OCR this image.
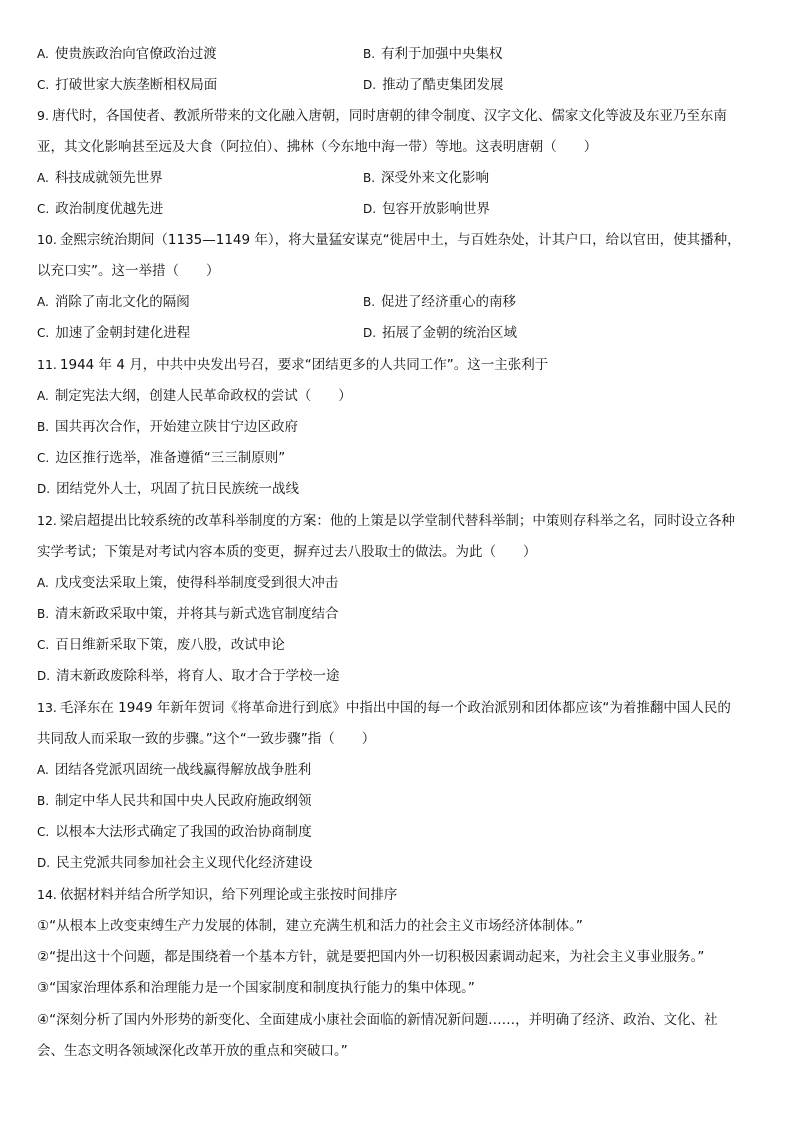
A. 使贵族政治向官僚政治过渡	B. 有利于加强中央集权
C. 打破世家大族垄断相权局面	D. 推动了酷吏集团发展
9. 唐代时，各国使者、教派所带来的文化融入唐朝，同时唐朝的律令制度、汉字文化、儒家文化等波及东亚乃至东南
亚，其文化影响甚至远及大食（阿拉伯）、拂林（今东地中海一带）等地。这表明唐朝（　　）
A. 科技成就领先世界	B. 深受外来文化影响
C. 政治制度优越先进	D. 包容开放影响世界
10. 金熙宗统治期间（1135—1149 年），将大量猛安谋克“徙居中土，与百姓杂处，计其户口，给以官田，使其播种，
以充口实”。这一举措（　　）
A. 消除了南北文化的隔阂	B. 促进了经济重心的南移
C. 加速了金朝封建化进程	D. 拓展了金朝的统治区域
11. 1944 年 4 月，中共中央发出号召，要求“团结更多的人共同工作”。这一主张利于
A. 制定宪法大纲，创建人民革命政权的尝试（　　）
B. 国共再次合作，开始建立陕甘宁边区政府
C. 边区推行选举，准备遵循“三三制原则”
D. 团结党外人士，巩固了抗日民族统一战线
12. 梁启超提出比较系统的改革科举制度的方案：他的上策是以学堂制代替科举制；中策则存科举之名，同时设立各种
实学考试；下策是对考试内容本质的变更，摒弃过去八股取士的做法。为此（　　）
A. 戊戌变法采取上策，使得科举制度受到很大冲击
B. 清末新政采取中策，并将其与新式选官制度结合
C. 百日维新采取下策，废八股，改试申论
D. 清末新政废除科举，将育人、取才合于学校一途
13. 毛泽东在 1949 年新年贺词《将革命进行到底》中指出中国的每一个政治派别和团体都应该“为着推翻中国人民的
共同敌人而采取一致的步骤。”这个“一致步骤”指（　　）
A. 团结各党派巩固统一战线赢得解放战争胜利
B. 制定中华人民共和国中央人民政府施政纲领
C. 以根本大法形式确定了我国的政治协商制度
D. 民主党派共同参加社会主义现代化经济建设
14. 依据材料并结合所学知识，给下列理论或主张按时间排序
①“从根本上改变束缚生产力发展的体制，建立充满生机和活力的社会主义市场经济体制体。”
②“提出这十个问题，都是围绕着一个基本方针，就是要把国内外一切积极因素调动起来，为社会主义事业服务。”
③“国家治理体系和治理能力是一个国家制度和制度执行能力的集中体现。”
④“深刻分析了国内外形势的新变化、全面建成小康社会面临的新情况新问题……，并明确了经济、政治、文化、社
会、生态文明各领域深化改革开放的重点和突破口。”
